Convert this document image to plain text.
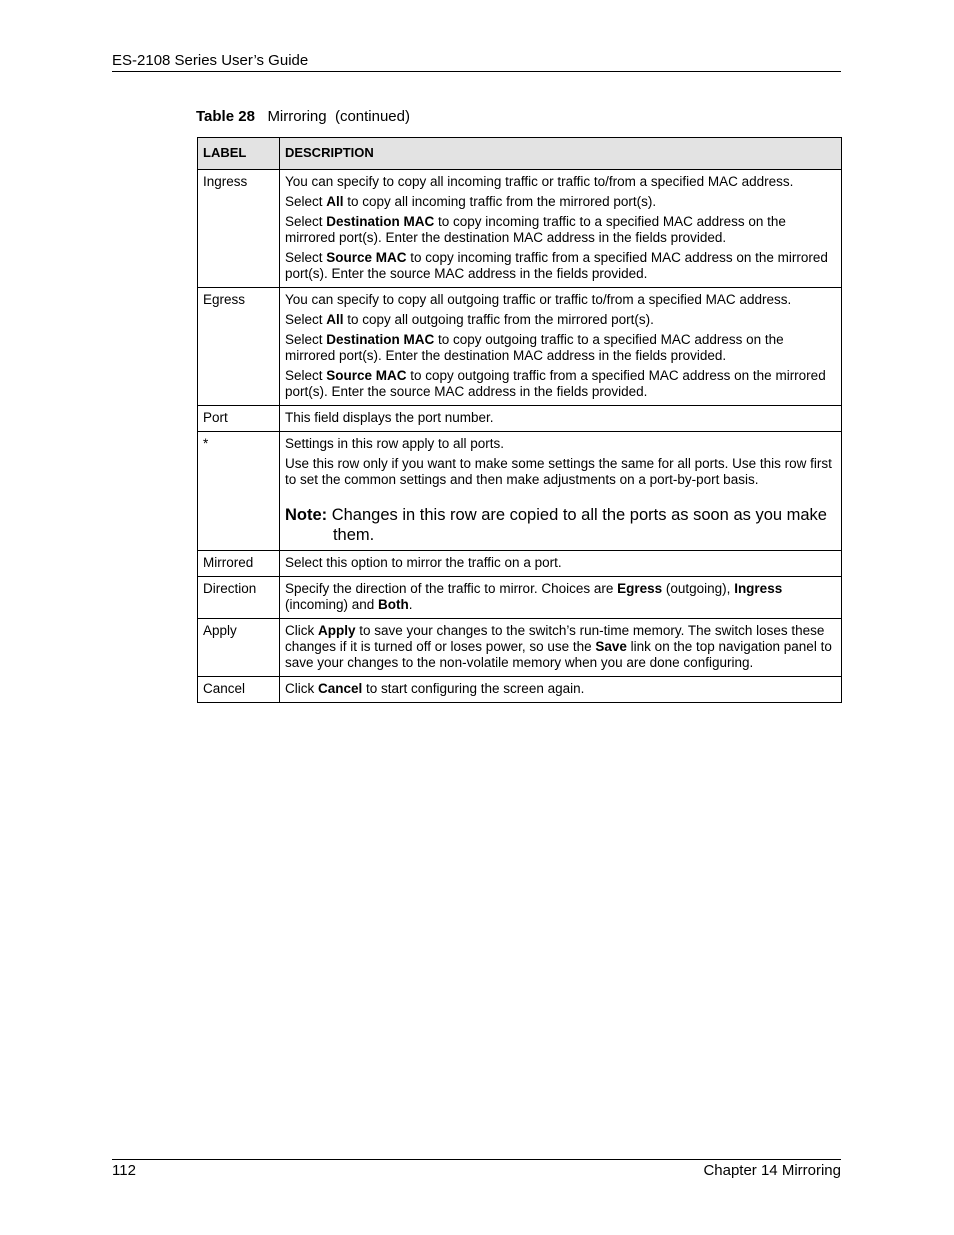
ES-2108 Series User’s Guide
Table 28 Mirroring  (continued)
LABEL	DESCRIPTION
Ingress	You can specify to copy all incoming traffic or traffic to/from a specified MAC address.
Select All to copy all incoming traffic from the mirrored port(s).
Select Destination MAC to copy incoming traffic to a specified MAC address on the mirrored port(s). Enter the destination MAC address in the fields provided.
Select Source MAC to copy incoming traffic from a specified MAC address on the mirrored port(s). Enter the source MAC address in the fields provided.

Egress	You can specify to copy all outgoing traffic or traffic to/from a specified MAC address.
Select All to copy all outgoing traffic from the mirrored port(s).
Select Destination MAC to copy outgoing traffic to a specified MAC address on the mirrored port(s). Enter the destination MAC address in the fields provided.
Select Source MAC to copy outgoing traffic from a specified MAC address on the mirrored port(s). Enter the source MAC address in the fields provided.

Port	This field displays the port number.

*	Settings in this row apply to all ports.
Use this row only if you want to make some settings the same for all ports. Use this row first to set the common settings and then make adjustments on a port-by-port basis.
Note: Changes in this row are copied to all the ports as soon as you make them.

Mirrored	Select this option to mirror the traffic on a port.

Direction	Specify the direction of the traffic to mirror. Choices are Egress (outgoing), Ingress (incoming) and Both.

Apply	Click Apply to save your changes to the switch’s run-time memory. The switch loses these changes if it is turned off or loses power, so use the Save link on the top navigation panel to save your changes to the non-volatile memory when you are done configuring.

Cancel	Click Cancel to start configuring the screen again.
112	Chapter 14 Mirroring
